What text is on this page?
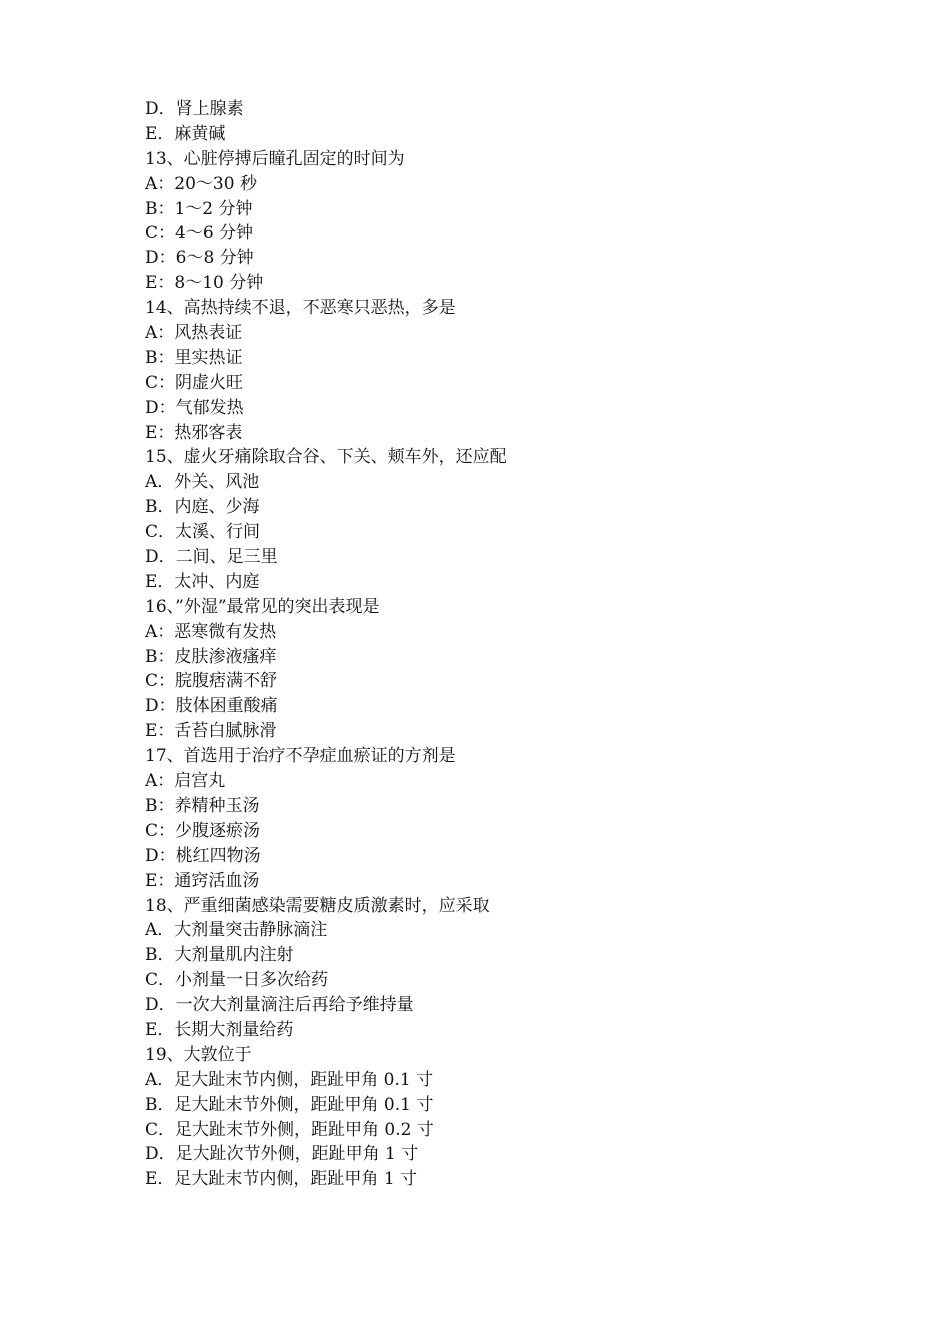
D．肾上腺素
E．麻黄碱
13、心脏停搏后瞳孔固定的时间为
A：20～30 秒
B：1～2 分钟
C：4～6 分钟
D：6～8 分钟
E：8～10 分钟
14、高热持续不退，不恶寒只恶热，多是
A：风热表证
B：里实热证
C：阴虚火旺
D：气郁发热
E：热邪客表
15、虚火牙痛除取合谷、下关、颊车外，还应配
A．外关、风池
B．内庭、少海
C．太溪、行间
D．二间、足三里
E．太冲、内庭
16、”外湿”最常见的突出表现是
A：恶寒微有发热
B：皮肤渗液瘙痒
C：脘腹痞满不舒
D：肢体困重酸痛
E：舌苔白腻脉滑
17、首选用于治疗不孕症血瘀证的方剂是
A：启宫丸
B：养精种玉汤
C：少腹逐瘀汤
D：桃红四物汤
E：通窍活血汤
18、严重细菌感染需要糖皮质激素时，应采取
A．大剂量突击静脉滴注
B．大剂量肌内注射
C．小剂量一日多次给药
D．一次大剂量滴注后再给予维持量
E．长期大剂量给药
19、大敦位于
A．足大趾末节内侧，距趾甲角 0.1 寸
B．足大趾末节外侧，距趾甲角 0.1 寸
C．足大趾末节外侧，距趾甲角 0.2 寸
D．足大趾次节外侧，距趾甲角 1 寸
E．足大趾末节内侧，距趾甲角 1 寸
